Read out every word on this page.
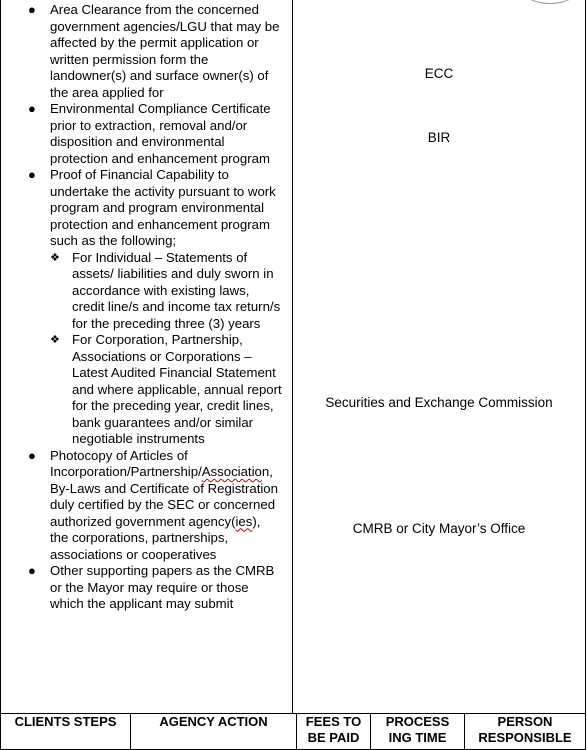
● Area Clearance from the concerned government agencies/LGU that may be affected by the permit application or written permission form the landowner(s) and surface owner(s) of the area applied for
● Environmental Compliance Certificate prior to extraction, removal and/or disposition and environmental protection and enhancement program
● Proof of Financial Capability to undertake the activity pursuant to work program and program environmental protection and enhancement program such as the following;
❖ For Individual – Statements of assets/ liabilities and duly sworn in accordance with existing laws, credit line/s and income tax return/s for the preceding three (3) years
❖ For Corporation, Partnership, Associations or Corporations – Latest Audited Financial Statement and where applicable, annual report for the preceding year, credit lines, bank guarantees and/or similar negotiable instruments
● Photocopy of Articles of Incorporation/Partnership/Association, By-Laws and Certificate of Registration duly certified by the SEC or concerned authorized government agency(ies), the corporations, partnerships, associations or cooperatives
● Other supporting papers as the CMRB or the Mayor may require or those which the applicant may submit
ECC
BIR
Securities and Exchange Commission
CMRB or City Mayor’s Office
CLIENTS STEPS	AGENCY ACTION	FEES TO
BE PAID
PROCESS
ING TIME
PERSON
RESPONSIBLE
